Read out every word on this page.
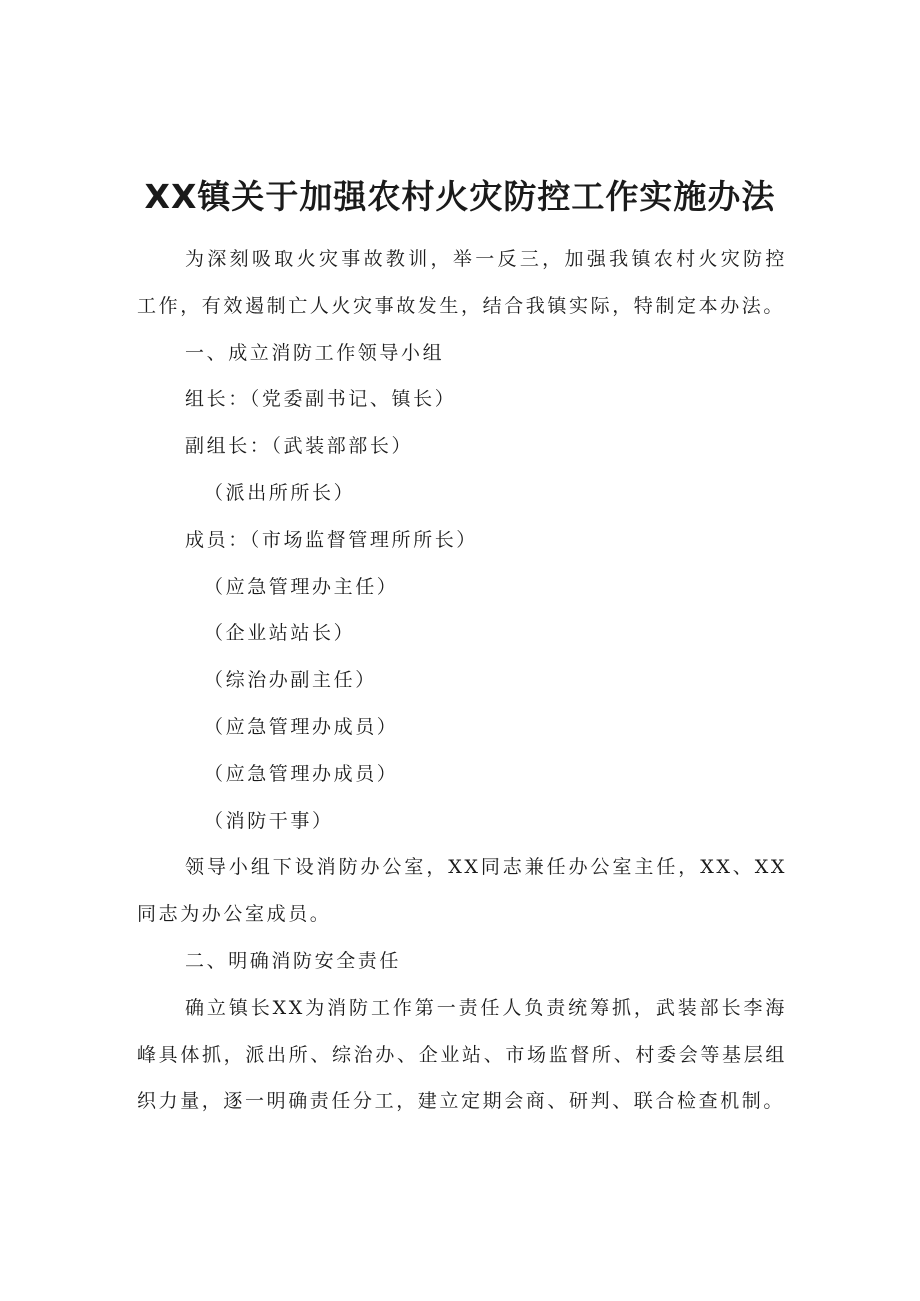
XX镇关于加强农村火灾防控工作实施办法

为深刻吸取火灾事故教训，举一反三，加强我镇农村火灾防控工作，有效遏制亡人火灾事故发生，结合我镇实际，特制定本办法。

一、成立消防工作领导小组

组长：（党委副书记、镇长）

副组长：（武装部部长）

（派出所所长）

成员：（市场监督管理所所长）

（应急管理办主任）

（企业站站长）

（综治办副主任）

（应急管理办成员）

（应急管理办成员）

（消防干事）

领导小组下设消防办公室，XX同志兼任办公室主任，XX、XX同志为办公室成员。

二、明确消防安全责任

确立镇长XX为消防工作第一责任人负责统筹抓，武装部长李海峰具体抓，派出所、综治办、企业站、市场监督所、村委会等基层组织力量，逐一明确责任分工，建立定期会商、研判、联合检查机制。
